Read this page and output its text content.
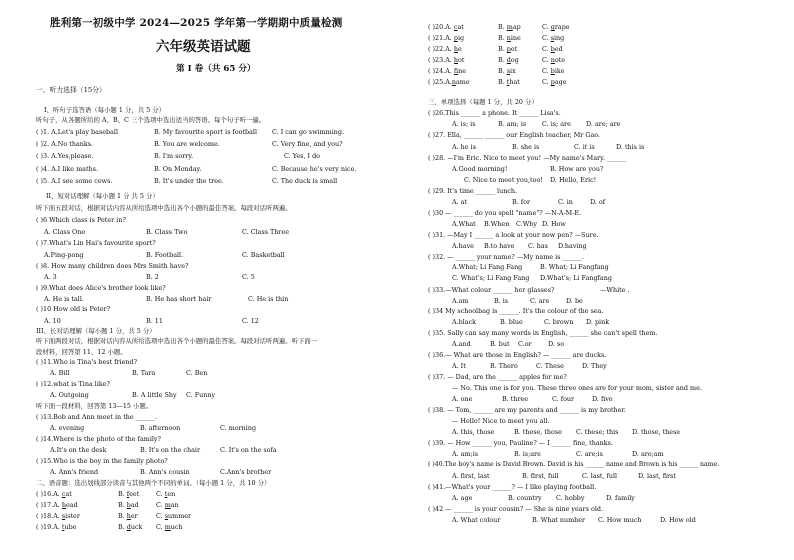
胜利第一初级中学 2024—2025 学年第一学期期中质量检测
六年级英语试题
第 I 卷（共 65 分）
一、听力选择（15分）
I、听句子选答语（每小题 1 分，共 5 分）
听句子，从各题所给的 A、B、C 三个选项中选出适当的答语。每个句子听一遍。
( )1. A.Let's play baseball	B. My favourite sport is football C. I can go swimming.
( )2. A.No thanks.	B. You are welcome.	C. Very fine, and you?
( )3. A.Yes,please.	B. I'm sorry.	C. Yes, I do
( )4. A.I like maths.	B. On Monday.	C. Because he's very nice.
( )5. A.I see some cows.	B. It's under the tree.	C. The duck is small
II、短对话理解（每小题 1 分 共 5 分）
听下面五段对话，根据对话内容从所给选项中选出各个小题的最佳答案。每段对话听两遍。
( )6 Which class is Peter in?
A. Class One	B. Class Two	C. Class Three
( )7.What's Lin Hai's favourite sport?
A.Ping-pong	B. Football.	C. Basketball
( )8. How many children does Mrs Smith have?
A. 3	B. 2	C. 5
( )9.What does Alice's brother look like?
A. He is tall.	B. He has short hair	C. He is thin
( )10 How old is Peter?
A. 10	B. 11	C. 12
III、长对话理解（每小题 1 分，共 5 分）
听下面两段对话，根据对话内容从所给选项中选出各个小题的最佳答案。每段对话听两遍。听下面一
段材料，回答第 11、12 小题。
( )11.Who is Tina's best friend?
A. Bill	B. Tara	C. Ben
( )12.what is Tina like?
A. Outgoing	B. A little Shy C. Funny
听下面一段材料，回答第 13—15 小题。
( )13.Bob and Ann meet in the ______.
A. evening	B. afternoon	C. morning
( )14.Where is the photo of the family?
A.It's on the desk	B. It's on the chair	C. It's on the sofa
( )15.Who is the boy in the family photo?
A. Ann's friend	B. Ann's cousin	C.Ann's brother
二、语音题：选出划线部分读音与其他两个不同的单词。（每小题 1 分，共 10 分）
( )16.A. cat	B. feet	C. ten
( )17.A. head	B. bad	C. man
( )18.A. sister	B. her	C. summer
( )19.A. tube	B. duck C. much
( )20.A. cat	B. map	C. grape
( )21.A. pig	B. nine	C. sing
( )22.A. he	B. pet	C. bed
( )23.A. hot	B. dog	C. note
( )24.A. fine	B. six	C. bike
( )25.A.name	B. that	C. page
三、单项选择（每题 1 分，共 20 分）
( )26.This ______ a phone. It ______ Lisa's.
A. is; is	B. am; is C. is; are D. are; are
( )27. Ella, ______ ______ our English teacher, Mr Gao.
A. he is	B. she is	C. it is	D. this is
( )28. —I'm Eric. Nice to meet you! —My name's Mary. ______
A.Good morning!	B. How are you?
C. Nice to meet you,too! D. Hello, Eric!
( )29. It's time ______ lunch.
A. at	B. for	C. in	D. of
( )30 — ______ do you spell "name"? —N-A-M-E.
A.What B.When C.Why D. How
( )31. —May I ______ a look at your new pen? —Sure.
A.have B.to have C. has D.having
( )32. — ______ your name? —My name is ______.
A.What; Li Fang Fang	B. What; Li Fangfang
C. What's; Li Fang Fang D.What's; Li Fangfang
( )33.—What colour ______ her glasses?	—White .
A.am	B. is	C. are	D. be
( )34 My schoolbag is ______. It's the colour of the sea.
A.black	B. blue	C. brown D. pink
( )35. Sally can say many words in English, ______ she can't spell them.
A.and	B. but C.or	D. so
( )36.— What are those in English? — ______ are ducks.
A. It	B. There	C. These	D. They
( )37. — Dad, are the ______ apples for me?
— No. This one is for you. These three ones are for your mom, sister and me.
A. one	B. three	C. four	D. five
( )38. — Tom, ______ are my parents and ______ is my brother.
— Hello! Nice to meet you all.
A. this, those	B. these, those C. these; this D. those, these
( )39. — How ______ you, Pauline? — I ______ fine, thanks.
A. am;is	B. is;are	C. are;is	D. are;am
( )40.The boy's name is David Brown. David is his ______ name and Brown is his ______ name.
A. first, last	B. first, full	C. last, full	D. last, first
( )41.—What's your ______? — I like playing football.
A. age	B. country C. hobby	D. family
( )42 — ______ is your cousin? — She is nine years old.
A. What colour	B. What number C. How much	D. How old
